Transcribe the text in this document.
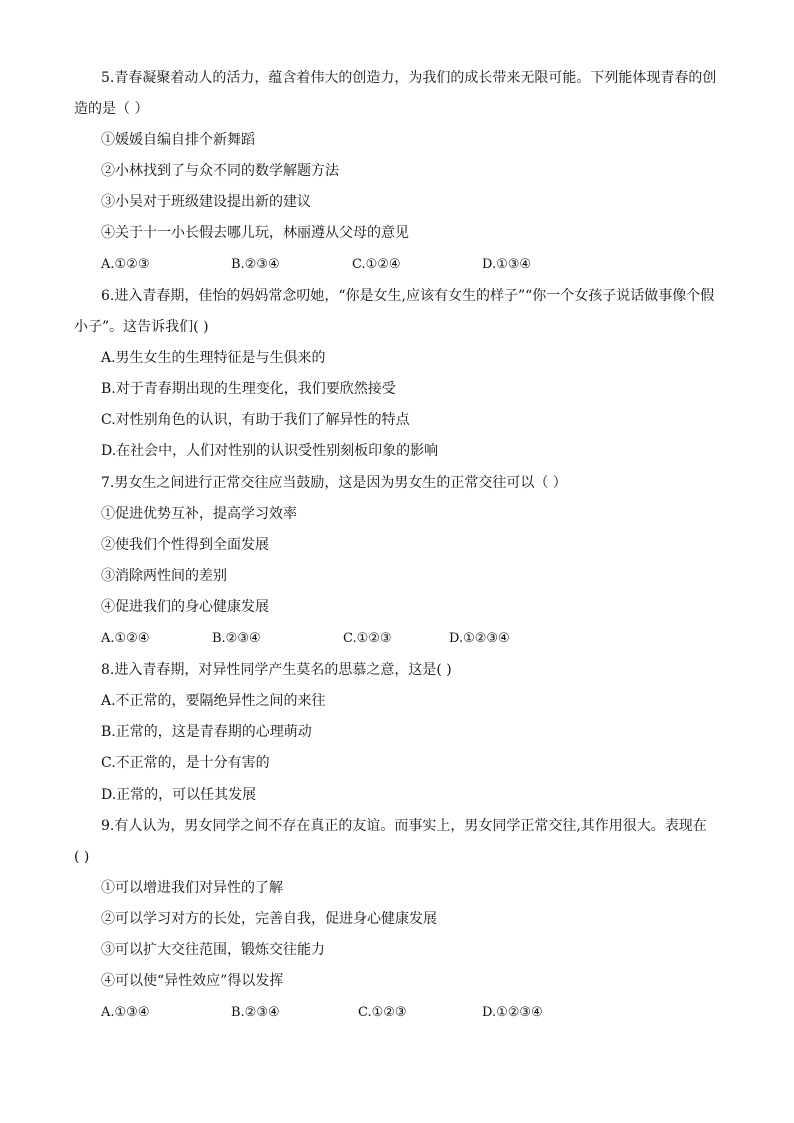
5.青春凝聚着动人的活力，蕴含着伟大的创造力，为我们的成长带来无限可能。下列能体现青春的创
造的是（ ）
①媛媛自编自排个新舞蹈
②小林找到了与众不同的数学解题方法
③小吴对于班级建设提出新的建议
④关于十一小长假去哪儿玩，林丽遵从父母的意见
A.①②③	B.②③④	C.①②④	D.①③④
6.进入青春期，佳怡的妈妈常念叨她，“你是女生,应该有女生的样子”“你一个女孩子说话做事像个假
小子”。这告诉我们( )
A.男生女生的生理特征是与生俱来的
B.对于青春期出现的生理变化，我们要欣然接受
C.对性别角色的认识，有助于我们了解异性的特点
D.在社会中，人们对性别的认识受性别刻板印象的影响
7.男女生之间进行正常交往应当鼓励，这是因为男女生的正常交往可以（ ）
①促进优势互补，提高学习效率
②使我们个性得到全面发展
③消除两性间的差别
④促进我们的身心健康发展
A.①②④	B.②③④	C.①②③	D.①②③④
8.进入青春期，对异性同学产生莫名的思慕之意，这是( )
A.不正常的，要隔绝异性之间的来往
B.正常的，这是青春期的心理萌动
C.不正常的，是十分有害的
D.正常的，可以任其发展
9.有人认为，男女同学之间不存在真正的友谊。而事实上，男女同学正常交往,其作用很大。表现在
( )
①可以增进我们对异性的了解
②可以学习对方的长处，完善自我，促进身心健康发展
③可以扩大交往范围，锻炼交往能力
④可以使“异性效应”得以发挥
A.①③④	B.②③④	C.①②③	D.①②③④
